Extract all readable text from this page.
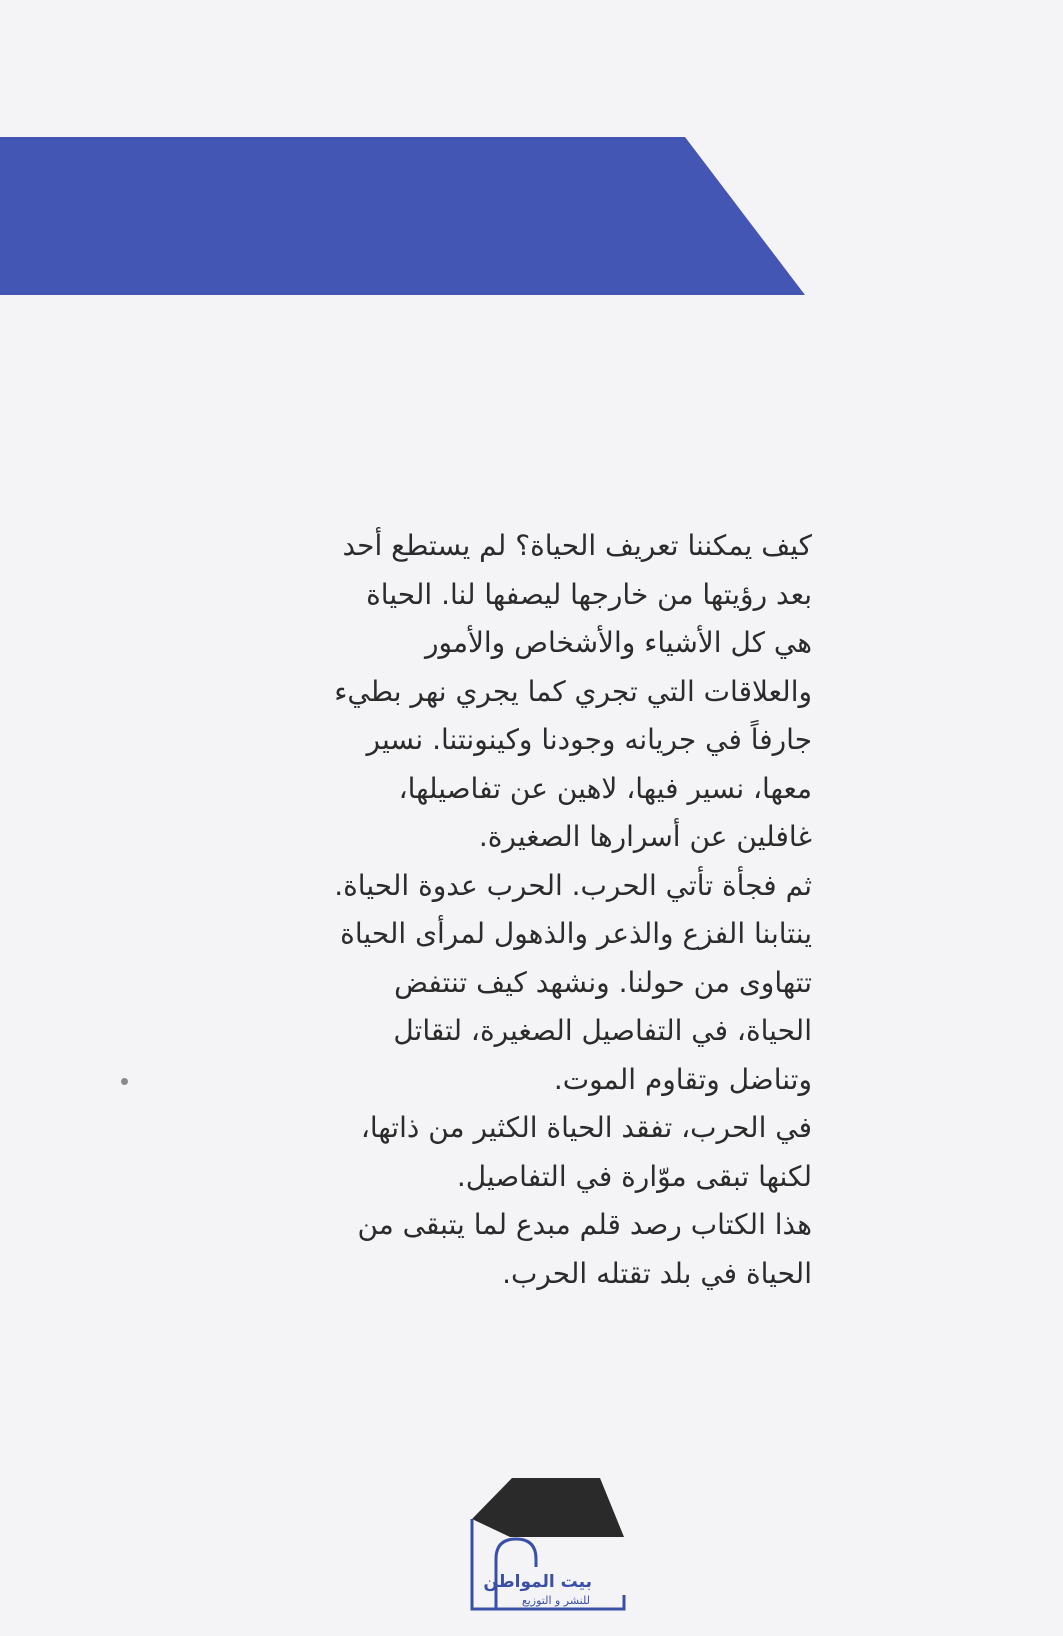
كيف يمكننا تعريف الحياة؟ لم يستطع أحد
بعد رؤيتها من خارجها ليصفها لنا. الحياة
هي كل الأشياء والأشخاص والأمور
والعلاقات التي تجري كما يجري نهر بطيء
جارفاً في جريانه وجودنا وكينونتنا. نسير
معها، نسير فيها، لاهين عن تفاصيلها،
غافلين عن أسرارها الصغيرة.
ثم فجأة تأتي الحرب. الحرب عدوة الحياة.
ينتابنا الفزع والذعر والذهول لمرأى الحياة
تتهاوى من حولنا. ونشهد كيف تنتفض
الحياة، في التفاصيل الصغيرة، لتقاتل
وتناضل وتقاوم الموت.
في الحرب، تفقد الحياة الكثير من ذاتها،
لكنها تبقى موّارة في التفاصيل.
هذا الكتاب رصد قلم مبدع لما يتبقى من
الحياة في بلد تقتله الحرب.
بيت المواطن
للنشر و التوزيع
